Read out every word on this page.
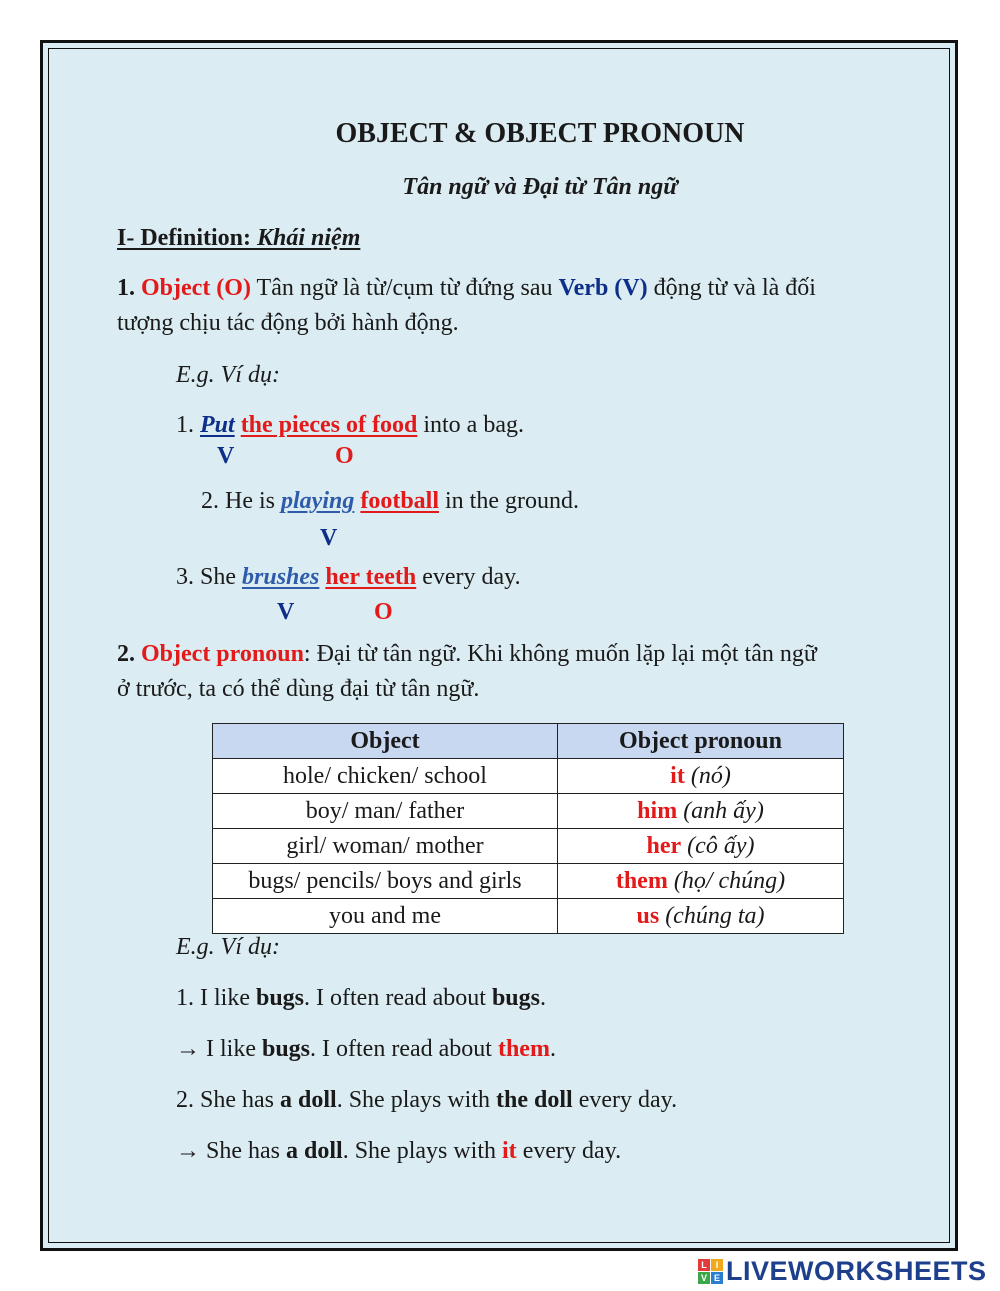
OBJECT & OBJECT PRONOUN
Tân ngữ và Đại từ Tân ngữ
I- Definition: Khái niệm
1. Object (O) Tân ngữ là từ/cụm từ đứng sau Verb (V) động từ và là đối
tượng chịu tác động bởi hành động.
E.g. Ví dụ:
1. Put the pieces of food into a bag.
V	O
2. He is playing football in the ground.
V
3. She brushes her teeth every day.
V	O
2. Object pronoun: Đại từ tân ngữ. Khi không muốn lặp lại một tân ngữ
ở trước, ta có thể dùng đại từ tân ngữ.
Object	Object pronoun
hole/ chicken/ school	it (nó)
boy/ man/ father	him (anh ấy)
girl/ woman/ mother	her (cô ấy)
bugs/ pencils/ boys and girls	them (họ/ chúng)
you and me	us (chúng ta)
E.g. Ví dụ:
1. I like bugs. I often read about bugs.
→ I like bugs. I often read about them.
2. She has a doll. She plays with the doll every day.
→ She has a doll. She plays with it every day.
L I
V E LIVEWORKSHEETS
